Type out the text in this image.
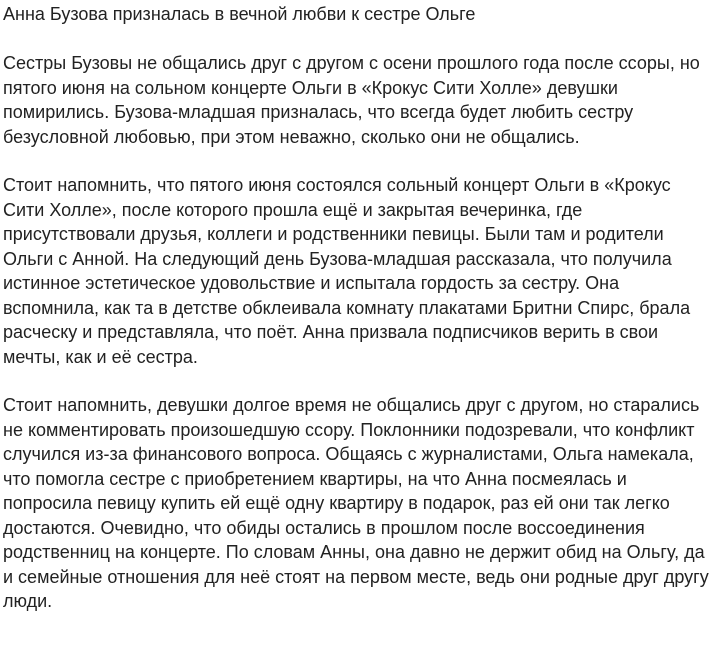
Анна Бузова призналась в вечной любви к сестре Ольге

Сестры Бузовы не общались друг с другом с осени прошлого года после ссоры, но пятого июня на сольном концерте Ольги в «Крокус Сити Холле» девушки помирились. Бузова-младшая призналась, что всегда будет любить сестру безусловной любовью, при этом неважно, сколько они не общались.

Стоит напомнить, что пятого июня состоялся сольный концерт Ольги в «Крокус Сити Холле», после которого прошла ещё и закрытая вечеринка, где присутствовали друзья, коллеги и родственники певицы. Были там и родители Ольги с Анной. На следующий день Бузова-младшая рассказала, что получила истинное эстетическое удовольствие и испытала гордость за сестру. Она вспомнила, как та в детстве обклеивала комнату плакатами Бритни Спирс, брала расческу и представляла, что поёт. Анна призвала подписчиков верить в свои мечты, как и её сестра.

Стоит напомнить, девушки долгое время не общались друг с другом, но старались не комментировать произошедшую ссору. Поклонники подозревали, что конфликт случился из-за финансового вопроса. Общаясь с журналистами, Ольга намекала, что помогла сестре с приобретением квартиры, на что Анна посмеялась и попросила певицу купить ей ещё одну квартиру в подарок, раз ей они так легко достаются. Очевидно, что обиды остались в прошлом после воссоединения родственниц на концерте. По словам Анны, она давно не держит обид на Ольгу, да и семейные отношения для неё стоят на первом месте, ведь они родные друг другу люди.
